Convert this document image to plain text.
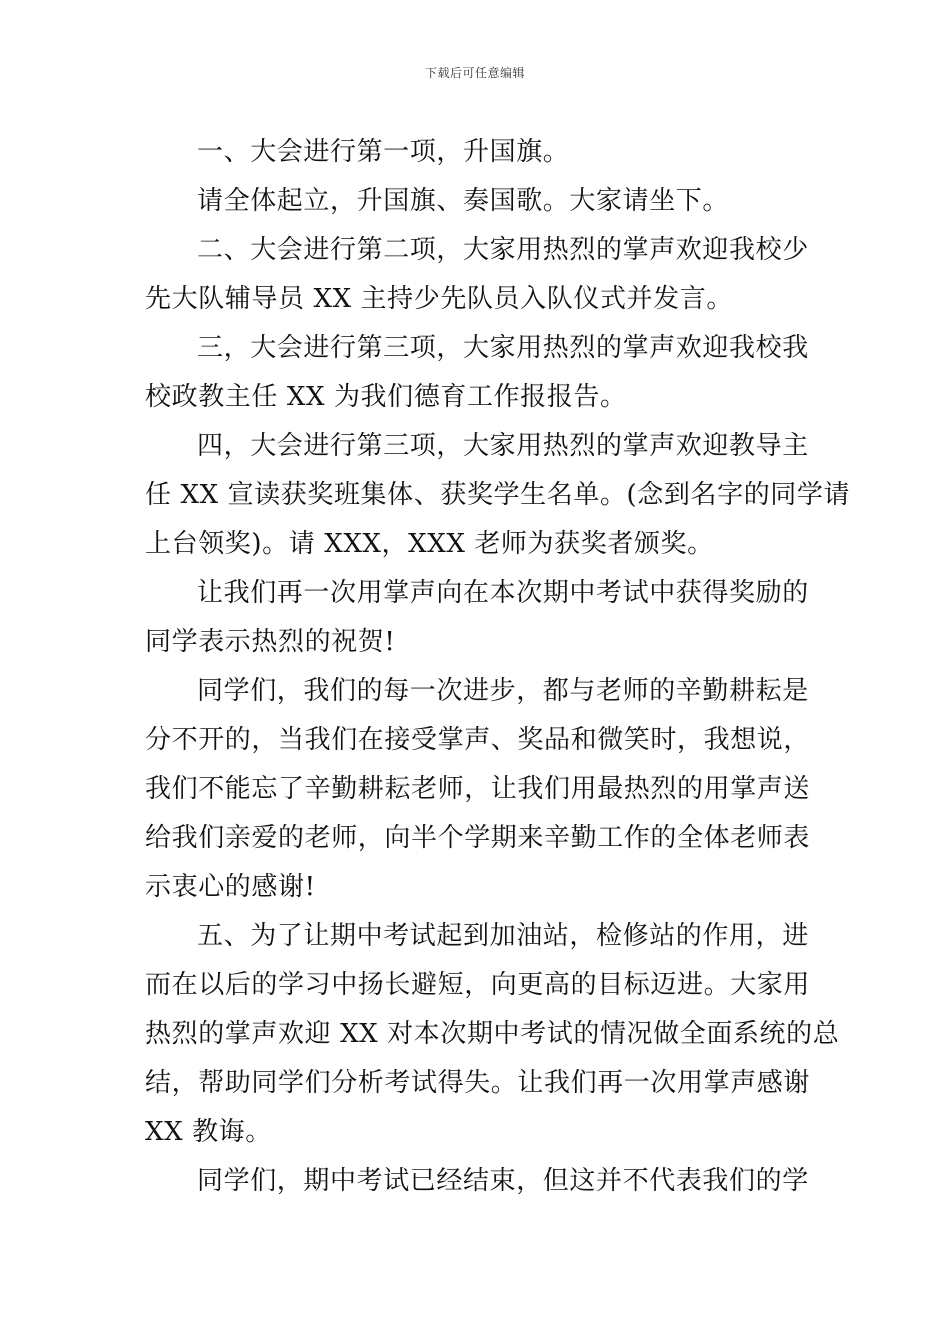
下载后可任意编辑
一、大会进行第一项，升国旗。
请全体起立，升国旗、奏国歌。大家请坐下。
二、大会进行第二项，大家用热烈的掌声欢迎我校少
先大队辅导员 XX 主持少先队员入队仪式并发言。
三，大会进行第三项，大家用热烈的掌声欢迎我校我
校政教主任 XX 为我们德育工作报报告。
四，大会进行第三项，大家用热烈的掌声欢迎教导主
任 XX 宣读获奖班集体、获奖学生名单。(念到名字的同学请
上台领奖)。请 XXX，XXX 老师为获奖者颁奖。
让我们再一次用掌声向在本次期中考试中获得奖励的
同学表示热烈的祝贺!
同学们，我们的每一次进步，都与老师的辛勤耕耘是
分不开的，当我们在接受掌声、奖品和微笑时，我想说，
我们不能忘了辛勤耕耘老师，让我们用最热烈的用掌声送
给我们亲爱的老师，向半个学期来辛勤工作的全体老师表
示衷心的感谢!
五、为了让期中考试起到加油站，检修站的作用，进
而在以后的学习中扬长避短，向更高的目标迈进。大家用
热烈的掌声欢迎 XX 对本次期中考试的情况做全面系统的总
结，帮助同学们分析考试得失。让我们再一次用掌声感谢
XX 教诲。
同学们，期中考试已经结束，但这并不代表我们的学
